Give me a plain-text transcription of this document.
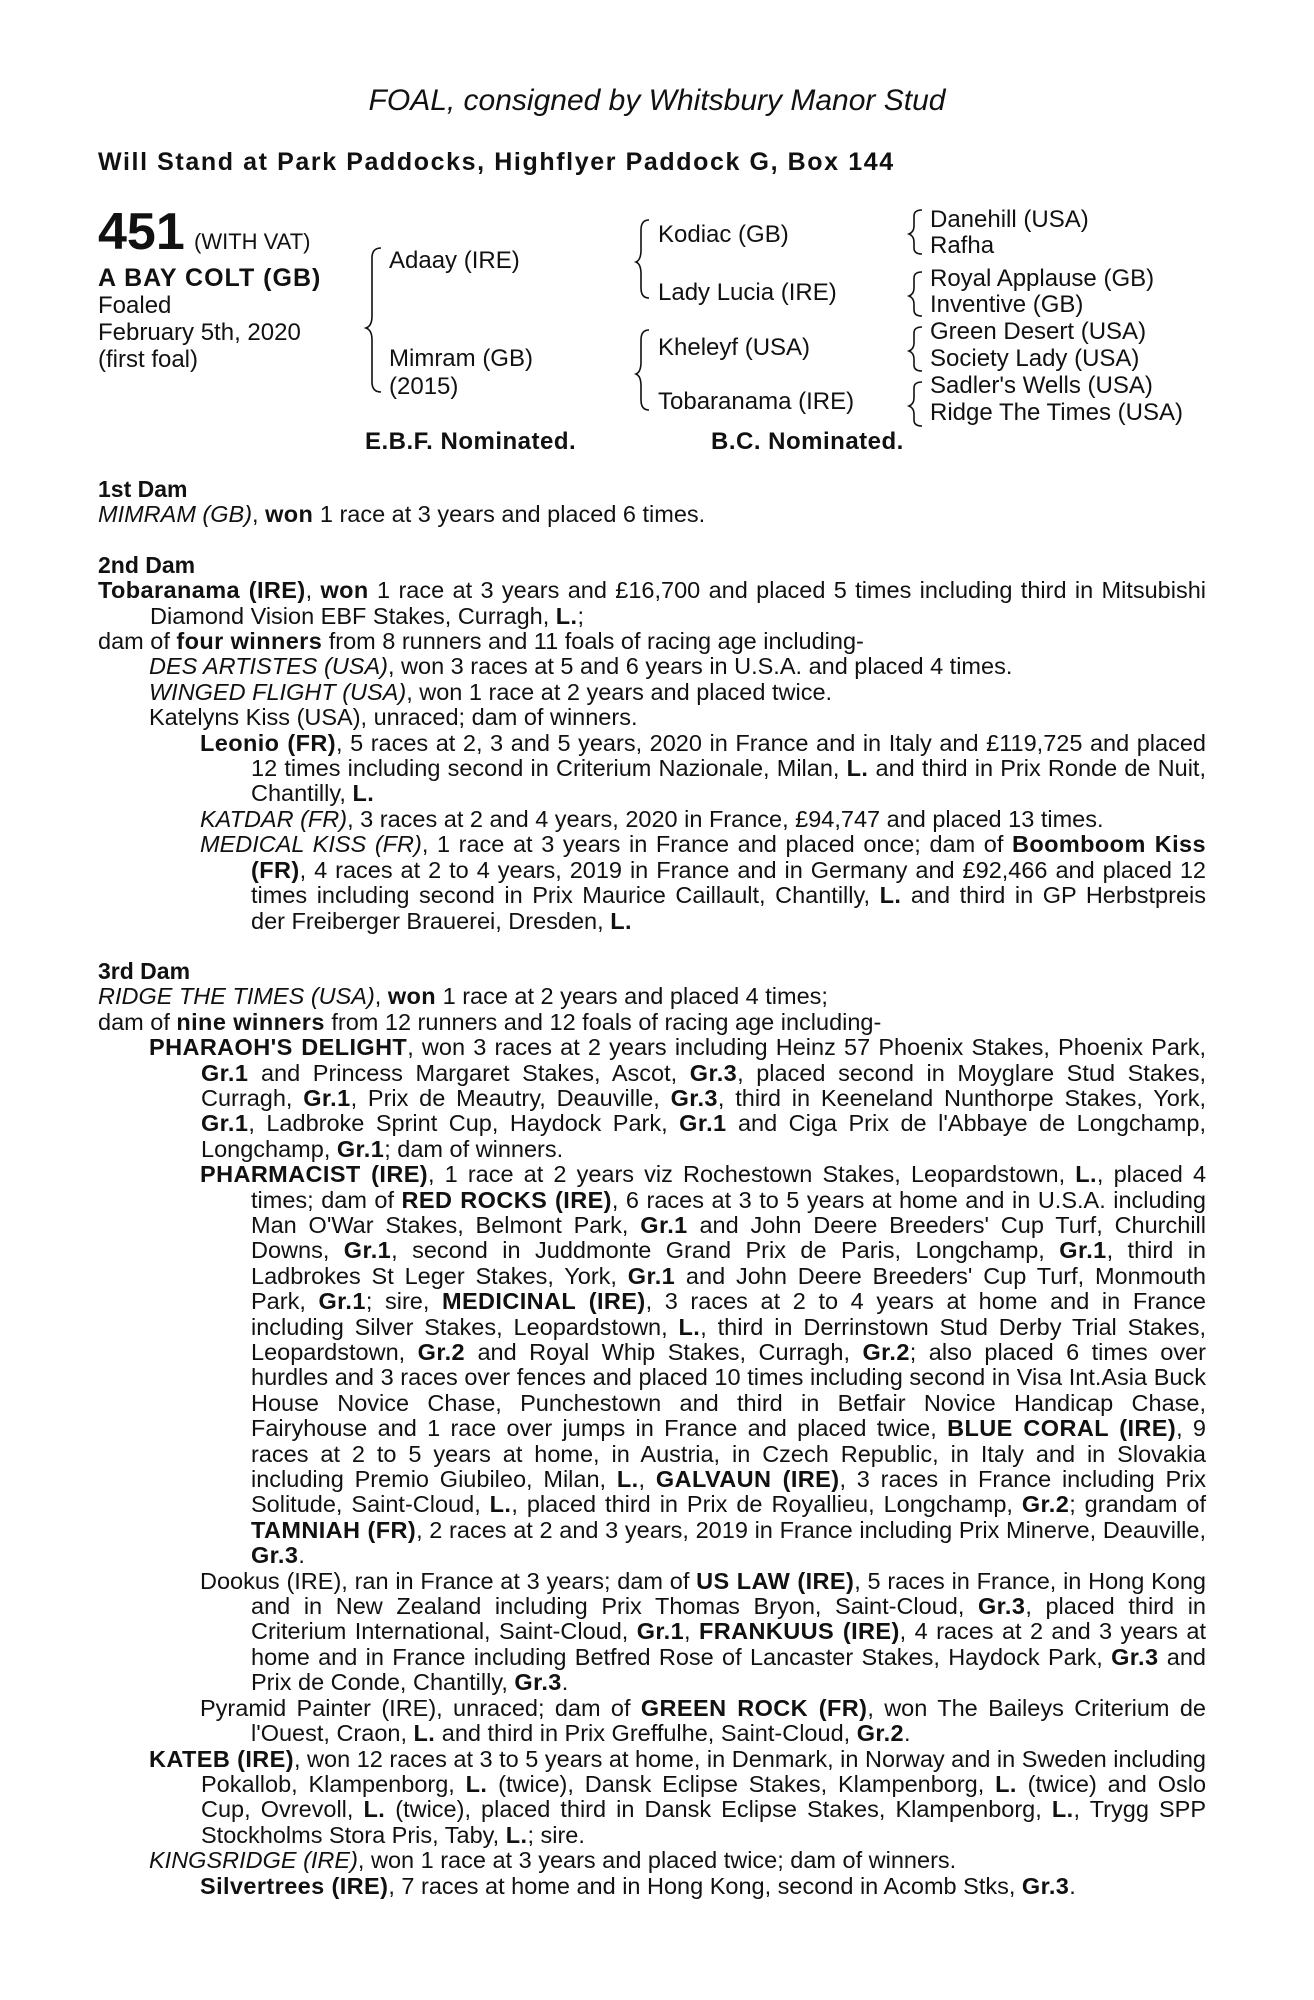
FOAL, consigned by Whitsbury Manor Stud
Will Stand at Park Paddocks, Highflyer Paddock G, Box 144
451 (WITH VAT)
A BAY COLT (GB)
Foaled
February 5th, 2020
(first foal)
Adaay (IRE)
Mimram (GB)
(2015)
Kodiac (GB)
Lady Lucia (IRE)
Kheleyf (USA)
Tobaranama (IRE)
Danehill (USA)
Rafha
Royal Applause (GB)
Inventive (GB)
Green Desert (USA)
Society Lady (USA)
Sadler's Wells (USA)
Ridge The Times (USA)
E.B.F. Nominated.	B.C. Nominated.

1st Dam

MIMRAM (GB), won 1 race at 3 years and placed 6 times.

2nd Dam

Tobaranama (IRE), won 1 race at 3 years and £16,700 and placed 5 times including third in Mitsubishi Diamond Vision EBF Stakes, Curragh, L.;

dam of four winners from 8 runners and 11 foals of racing age including-

DES ARTISTES (USA), won 3 races at 5 and 6 years in U.S.A. and placed 4 times.

WINGED FLIGHT (USA), won 1 race at 2 years and placed twice.

Katelyns Kiss (USA), unraced; dam of winners.

Leonio (FR), 5 races at 2, 3 and 5 years, 2020 in France and in Italy and £119,725 and placed 12 times including second in Criterium Nazionale, Milan, L. and third in Prix Ronde de Nuit, Chantilly, L.

KATDAR (FR), 3 races at 2 and 4 years, 2020 in France, £94,747 and placed 13 times.

MEDICAL KISS (FR), 1 race at 3 years in France and placed once; dam of Boomboom Kiss (FR), 4 races at 2 to 4 years, 2019 in France and in Germany and £92,466 and placed 12 times including second in Prix Maurice Caillault, Chantilly, L. and third in GP Herbstpreis der Freiberger Brauerei, Dresden, L.

3rd Dam

RIDGE THE TIMES (USA), won 1 race at 2 years and placed 4 times;

dam of nine winners from 12 runners and 12 foals of racing age including-

PHARAOH'S DELIGHT, won 3 races at 2 years including Heinz 57 Phoenix Stakes, Phoenix Park, Gr.1 and Princess Margaret Stakes, Ascot, Gr.3, placed second in Moyglare Stud Stakes, Curragh, Gr.1, Prix de Meautry, Deauville, Gr.3, third in Keeneland Nunthorpe Stakes, York, Gr.1, Ladbroke Sprint Cup, Haydock Park, Gr.1 and Ciga Prix de l'Abbaye de Longchamp, Longchamp, Gr.1; dam of winners.

PHARMACIST (IRE), 1 race at 2 years viz Rochestown Stakes, Leopardstown, L., placed 4 times; dam of RED ROCKS (IRE), 6 races at 3 to 5 years at home and in U.S.A. including Man O'War Stakes, Belmont Park, Gr.1 and John Deere Breeders' Cup Turf, Churchill Downs, Gr.1, second in Juddmonte Grand Prix de Paris, Longchamp, Gr.1, third in Ladbrokes St Leger Stakes, York, Gr.1 and John Deere Breeders' Cup Turf, Monmouth Park, Gr.1; sire, MEDICINAL (IRE), 3 races at 2 to 4 years at home and in France including Silver Stakes, Leopardstown, L., third in Derrinstown Stud Derby Trial Stakes, Leopardstown, Gr.2 and Royal Whip Stakes, Curragh, Gr.2; also placed 6 times over hurdles and 3 races over fences and placed 10 times including second in Visa Int.Asia Buck House Novice Chase, Punchestown and third in Betfair Novice Handicap Chase, Fairyhouse and 1 race over jumps in France and placed twice, BLUE CORAL (IRE), 9 races at 2 to 5 years at home, in Austria, in Czech Republic, in Italy and in Slovakia including Premio Giubileo, Milan, L., GALVAUN (IRE), 3 races in France including Prix Solitude, Saint-Cloud, L., placed third in Prix de Royallieu, Longchamp, Gr.2; grandam of TAMNIAH (FR), 2 races at 2 and 3 years, 2019 in France including Prix Minerve, Deauville, Gr.3.

Dookus (IRE), ran in France at 3 years; dam of US LAW (IRE), 5 races in France, in Hong Kong and in New Zealand including Prix Thomas Bryon, Saint-Cloud, Gr.3, placed third in Criterium International, Saint-Cloud, Gr.1, FRANKUUS (IRE), 4 races at 2 and 3 years at home and in France including Betfred Rose of Lancaster Stakes, Haydock Park, Gr.3 and Prix de Conde, Chantilly, Gr.3.

Pyramid Painter (IRE), unraced; dam of GREEN ROCK (FR), won The Baileys Criterium de l'Ouest, Craon, L. and third in Prix Greffulhe, Saint-Cloud, Gr.2.

KATEB (IRE), won 12 races at 3 to 5 years at home, in Denmark, in Norway and in Sweden including Pokallob, Klampenborg, L. (twice), Dansk Eclipse Stakes, Klampenborg, L. (twice) and Oslo Cup, Ovrevoll, L. (twice), placed third in Dansk Eclipse Stakes, Klampenborg, L., Trygg SPP Stockholms Stora Pris, Taby, L.; sire.

KINGSRIDGE (IRE), won 1 race at 3 years and placed twice; dam of winners.

Silvertrees (IRE), 7 races at home and in Hong Kong, second in Acomb Stks, Gr.3.
